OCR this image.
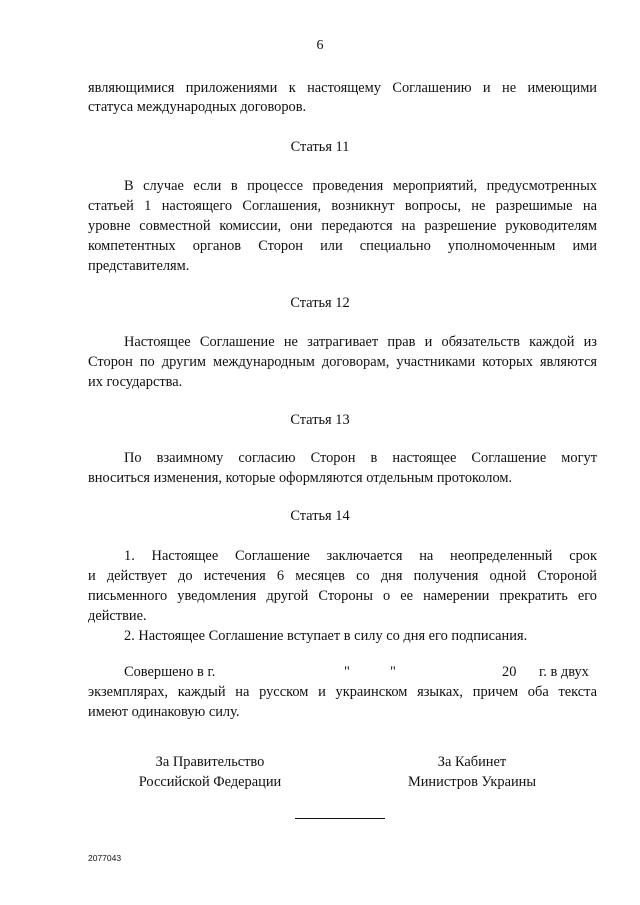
6
являющимися приложениями к настоящему Соглашению и не имеющими
статуса международных договоров.
Статья 11
В случае если в процессе проведения мероприятий, предусмотренных
статьей 1 настоящего Соглашения, возникнут вопросы, не разрешимые на
уровне совместной комиссии, они передаются на разрешение руководителям
компетентных органов Сторон или специально уполномоченным ими
представителям.
Статья 12
Настоящее Соглашение не затрагивает прав и обязательств каждой из
Сторон по другим международным договорам, участниками которых являются
их государства.
Статья 13
По взаимному согласию Сторон в настоящее Соглашение могут
вноситься изменения, которые оформляются отдельным протоколом.
Статья 14
1. Настоящее Соглашение заключается на неопределенный срок
и действует до истечения 6 месяцев со дня получения одной Стороной
письменного уведомления другой Стороны о ее намерении прекратить его
действие.
2. Настоящее Соглашение вступает в силу со дня его подписания.
Совершено в г.	"	"	20 г. в двух
экземплярах, каждый на русском и украинском языках, причем оба текста
имеют одинаковую силу.
За Правительство
Российской Федерации
За Кабинет
Министров Украины
2077043
